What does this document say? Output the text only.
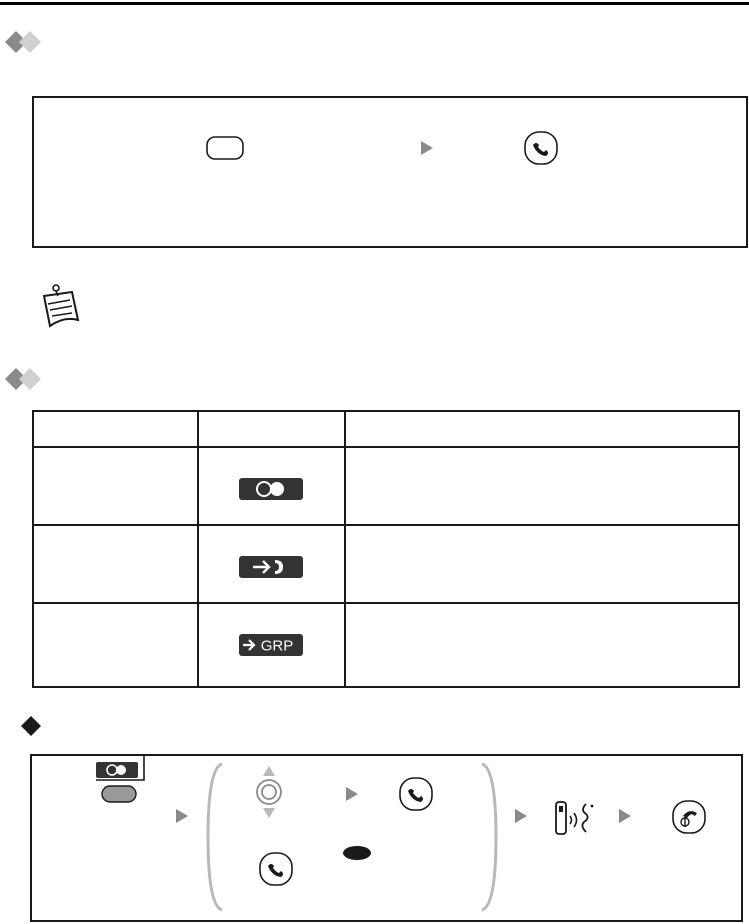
GRP
